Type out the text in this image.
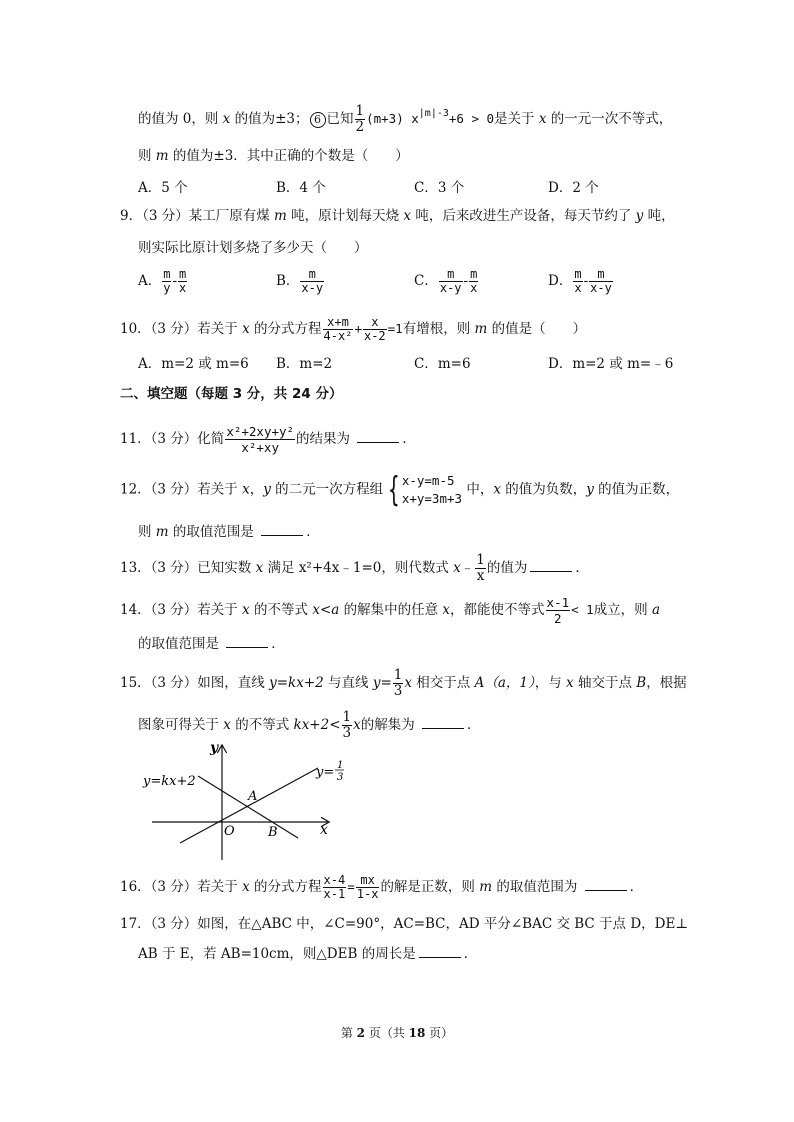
的值为 0，则 x 的值为±3； 6 已知 $\frac{1}{2} (m+3) x^{|m|-3}+6 > 0$是关于 x 的一元一次不等式，
则 m 的值为±3．其中正确的个数是（　　）
A．5 个	B．4 个	C．3 个	D．2 个
9．（3 分）某工厂原有煤 m 吨，原计划每天烧 x 吨，后来改进生产设备，每天节约了 y 吨，
则实际比原计划多烧了多少天（　　）
A． $\frac{m}{y} - \frac{m}{x}$	B． $\frac{m}{x-y}$	C． $\frac{m}{x-y} - \frac{m}{x}$	D． $\frac{m}{x} - \frac{m}{x-y}$
10．（3 分）若关于 x 的分式方程 $\frac{x+m}{\text{4-x²}} + \frac{x}{x-2} =1$有增根，则 m 的值是（　　）
A．m=2 或 m=6 B．m=2	C．m=6	D．m=2 或 m=﹣6
二、填空题（每题 3 分，共 24 分）
11．（3 分）化简 $\frac{\text{x²+2xy+y²}}{\text{x²+xy}}$ 的结果为	．
12．（3 分）若关于 x，y 的二元一次方程组 { x-y=m-5
x+y=3m+3
中，x 的值为负数，y 的值为正数，
则 m 的取值范围是	．
13．（3 分）已知实数 x 满足 x²+4x﹣1=0，则代数式 x﹣ $\frac{1}{x}$ 的值为	．
14．（3 分）若关于 x 的不等式 x<a 的解集中的任意 x，都能使不等式 $\frac{x-1}{2} < 1$成立，则 a
的取值范围是	．
15．（3 分）如图，直线 y=kx+2 与直线 $y= \frac{1}{3}$ x 相交于点 A（a，1），与 x 轴交于点 B，根据
图象可得关于 x 的不等式 $kx+2< \frac{1}{3}$ x的解集为	．
y
x
O
A
B
y=kx+2
y= 1
3
16．（3 分）若关于 x 的分式方程 $\frac{x-4}{x-1} = \frac{mx}{1-x}$ 的解是正数，则 m 的取值范围为	．
17．（3 分）如图，在△ABC 中，∠C=90°，AC=BC，AD 平分∠BAC 交 BC 于点 D，DE⊥
AB 于 E，若 AB=10cm，则△DEB 的周长是	．
第 2 页（共 18 页）
